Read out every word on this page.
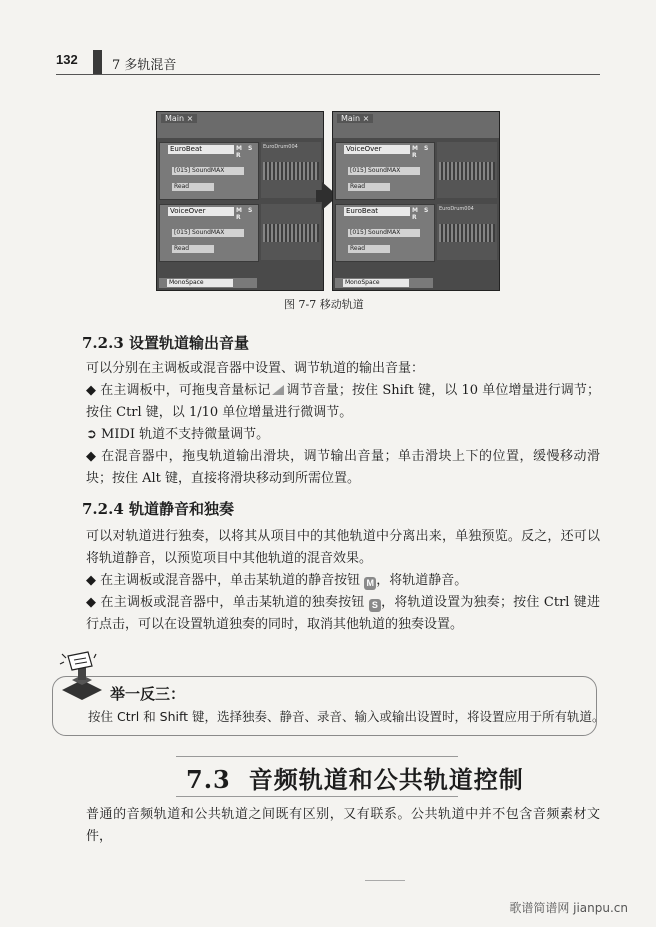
132	7 多轨混音
Main ×
EuroBeat	M S R
[015] SoundMAX
Read
EuroDrum004
VoiceOver	M S R
[015] SoundMAX
Read
MonoSpace
Main ×
VoiceOver	M S R
[015] SoundMAX
Read
EuroBeat	M S R
[015] SoundMAX
Read
EuroDrum004
MonoSpace
图 7-7 移动轨道
7.2.3 设置轨道输出音量
可以分别在主调板或混音器中设置、调节轨道的输出音量：
◆ 在主调板中，可拖曳音量标记 调节音量；按住 Shift 键，以 10 单位增量进行调节；按住 Ctrl 键，以 1/10 单位增量进行微调节。
➲ MIDI 轨道不支持微量调节。
◆ 在混音器中，拖曳轨道输出滑块，调节输出音量；单击滑块上下的位置，缓慢移动滑块；按住 Alt 键，直接将滑块移动到所需位置。
7.2.4 轨道静音和独奏
可以对轨道进行独奏，以将其从项目中的其他轨道中分离出来，单独预览。反之，还可以将轨道静音，以预览项目中其他轨道的混音效果。
◆ 在主调板或混音器中，单击某轨道的静音按钮 M ，将轨道静音。
◆ 在主调板或混音器中，单击某轨道的独奏按钮 S ，将轨道设置为独奏；按住 Ctrl 键进行点击，可以在设置轨道独奏的同时，取消其他轨道的独奏设置。
举一反三：
按住 Ctrl 和 Shift 键，选择独奏、静音、录音、输入或输出设置时，将设置应用于所有轨道。
7.3 音频轨道和公共轨道控制
普通的音频轨道和公共轨道之间既有区别，又有联系。公共轨道中并不包含音频素材文件，
歌谱简谱网 jianpu.cn
